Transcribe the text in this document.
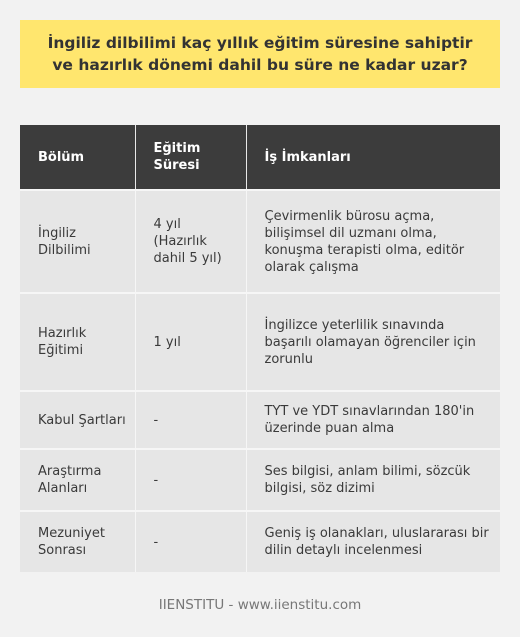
İngiliz dilbilimi kaç yıllık eğitim süresine sahiptir ve hazırlık dönemi dahil bu süre ne kadar uzar?
Bölüm	Eğitim Süresi	İş İmkanları
İngiliz Dilbilimi	4 yıl (Hazırlık dahil 5 yıl)	Çevirmenlik bürosu açma, bilişimsel dil uzmanı olma, konuşma terapisti olma, editör olarak çalışma
Hazırlık Eğitimi	1 yıl	İngilizce yeterlilik sınavında başarılı olamayan öğrenciler için zorunlu
Kabul Şartları	-	TYT ve YDT sınavlarından 180'in üzerinde puan alma
Araştırma Alanları	-	Ses bilgisi, anlam bilimi, sözcük bilgisi, söz dizimi
Mezuniyet Sonrası	-	Geniş iş olanakları, uluslararası bir dilin detaylı incelenmesi
IIENSTITU - www.iienstitu.com
